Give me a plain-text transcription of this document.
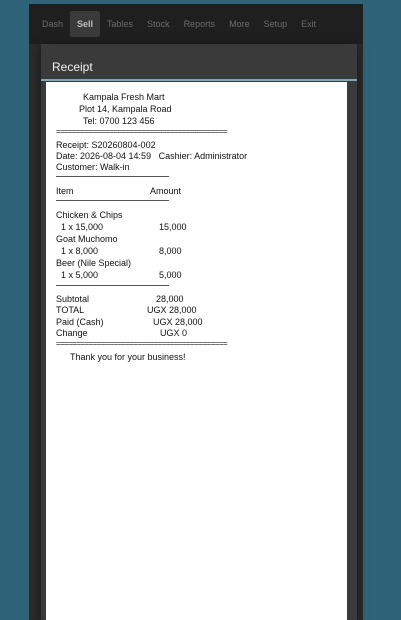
Dash	Sell	Tables	Stock	Reports	More	Setup	Exit
Receipt
Kampala Fresh Mart
Plot 14, Kampala Road
Tel: 0700 123 456
==========================================
Receipt: S20260804-002
Date: 2026-08-04 14:59   Cashier: Administrator
Customer: Walk-in
Item	Amount
Chicken & Chips
1 x 15,000	15,000
Goat Muchomo
1 x 8,000	8,000
Beer (Nile Special)
1 x 5,000	5,000
Subtotal	28,000
TOTAL	UGX 28,000
Paid (Cash)	UGX 28,000
Change	UGX 0
==========================================
Thank you for your business!
